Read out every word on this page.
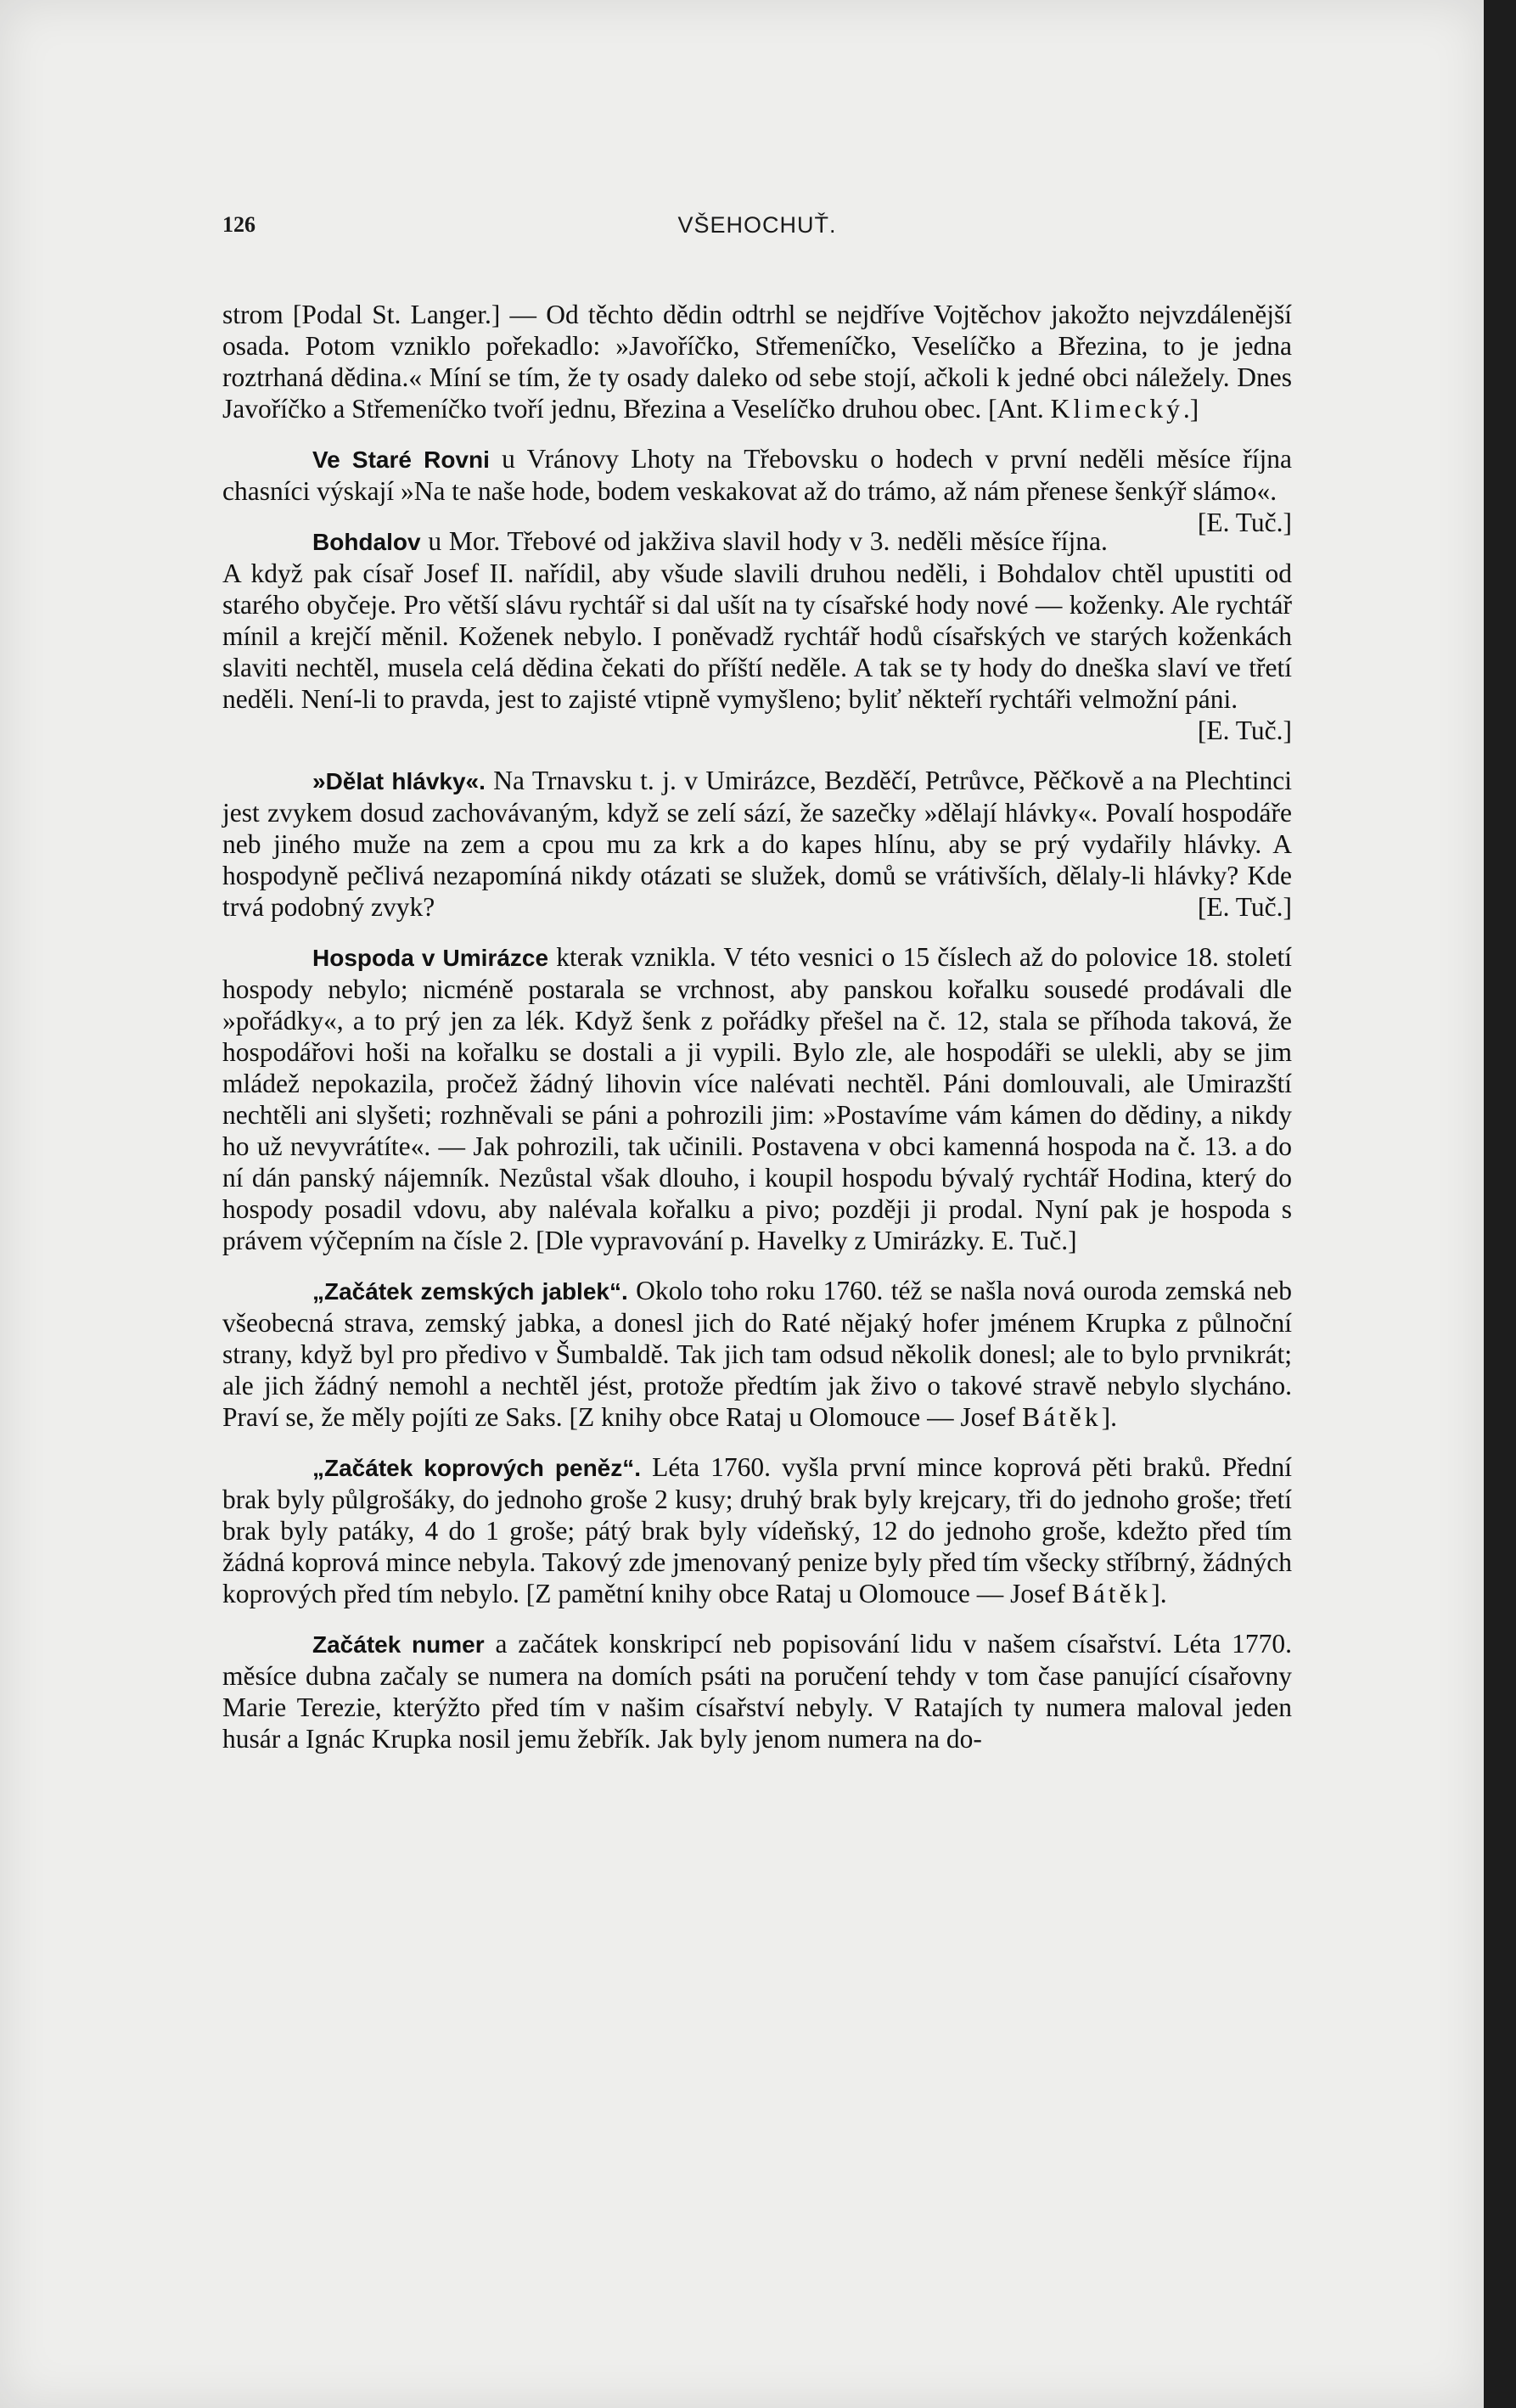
126	VŠEHOCHUŤ.

strom [Podal St. Langer.] — Od těchto dědin odtrhl se nejdříve Vojtěchov jakožto nejvzdálenější osada. Potom vzniklo pořekadlo: »Javoříčko, Střemeníčko, Veselíčko a Březina, to je jedna roztrhaná dědina.« Míní se tím, že ty osady daleko od sebe stojí, ačkoli k jedné obci náležely. Dnes Javoříčko a Střemeníčko tvoří jednu, Březina a Veselíčko druhou obec. [Ant. Klimecký.]

Ve Staré Rovni u Vránovy Lhoty na Třebovsku o hodech v první neděli měsíce října chasníci výskají »Na te naše hode, bodem veskakovat až do trámo, až nám přenese šenkýř slámo«.
[E. Tuč.]

Bohdalov u Mor. Třebové od jakživa slavil hody v 3. neděli měsíce října. A když pak císař Josef II. nařídil, aby všude slavili druhou neděli, i Bohdalov chtěl upustiti od starého obyčeje. Pro větší slávu rychtář si dal ušít na ty císařské hody nové — koženky. Ale rychtář mínil a krejčí měnil. Koženek nebylo. I poněvadž rychtář hodů císařských ve starých koženkách slaviti nechtěl, musela celá dědina čekati do příští neděle. A tak se ty hody do dneška slaví ve třetí neděli. Není-li to pravda, jest to zajisté vtipně vymyšleno; byliť někteří rychtáři velmožní páni.
[E. Tuč.]

»Dělat hlávky«. Na Trnavsku t. j. v Umirázce, Bezděčí, Petrůvce, Pěčkově a na Plechtinci jest zvykem dosud zachovávaným, když se zelí sází, že sazečky »dělají hlávky«. Povalí hospodáře neb jiného muže na zem a cpou mu za krk a do kapes hlínu, aby se prý vydařily hlávky. A hospodyně pečlivá nezapomíná nikdy otázati se služek, domů se vrátivších, dělaly-li hlávky? Kde trvá podobný zvyk?	[E. Tuč.]

Hospoda v Umirázce kterak vznikla. V této vesnici o 15 číslech až do polovice 18. století hospody nebylo; nicméně postarala se vrchnost, aby panskou kořalku sousedé prodávali dle »pořádky«, a to prý jen za lék. Když šenk z pořádky přešel na č. 12, stala se příhoda taková, že hospodářovi hoši na kořalku se dostali a ji vypili. Bylo zle, ale hospodáři se ulekli, aby se jim mládež nepokazila, pročež žádný lihovin více nalévati nechtěl. Páni domlouvali, ale Umirazští nechtěli ani slyšeti; rozhněvali se páni a pohrozili jim: »Postavíme vám kámen do dědiny, a nikdy ho už nevyvrátíte«. — Jak pohrozili, tak učinili. Postavena v obci kamenná hospoda na č. 13. a do ní dán panský nájemník. Nezůstal však dlouho, i koupil hospodu bývalý rychtář Hodina, který do hospody posadil vdovu, aby nalévala kořalku a pivo; později ji prodal. Nyní pak je hospoda s právem výčepním na čísle 2. [Dle vypravování p. Havelky z Umirázky. E. Tuč.]

„Začátek zemských jablek“. Okolo toho roku 1760. též se našla nová ouroda zemská neb všeobecná strava, zemský jabka, a donesl jich do Raté nějaký hofer jménem Krupka z půlnoční strany, když byl pro předivo v Šumbaldě. Tak jich tam odsud několik donesl; ale to bylo prvnikrát; ale jich žádný nemohl a nechtěl jést, protože předtím jak živo o takové stravě nebylo slycháno. Praví se, že měly pojíti ze Saks. [Z knihy obce Rataj u Olomouce — Josef Bátěk].

„Začátek koprových peněz“. Léta 1760. vyšla první mince koprová pěti braků. Přední brak byly půlgrošáky, do jednoho groše 2 kusy; druhý brak byly krejcary, tři do jednoho groše; třetí brak byly patáky, 4 do 1 groše; pátý brak byly vídeňský, 12 do jednoho groše, kdežto před tím žádná koprová mince nebyla. Takový zde jmenovaný penize byly před tím všecky stříbrný, žádných koprových před tím nebylo. [Z pamětní knihy obce Rataj u Olomouce — Josef Bátěk].

Začátek numer a začátek konskripcí neb popisování lidu v našem císařství. Léta 1770. měsíce dubna začaly se numera na domích psáti na poručení tehdy v tom čase panující císařovny Marie Terezie, kterýžto před tím v našim císařství nebyly. V Ratajích ty numera maloval jeden husár a Ignác Krupka nosil jemu žebřík. Jak byly jenom numera na do-
